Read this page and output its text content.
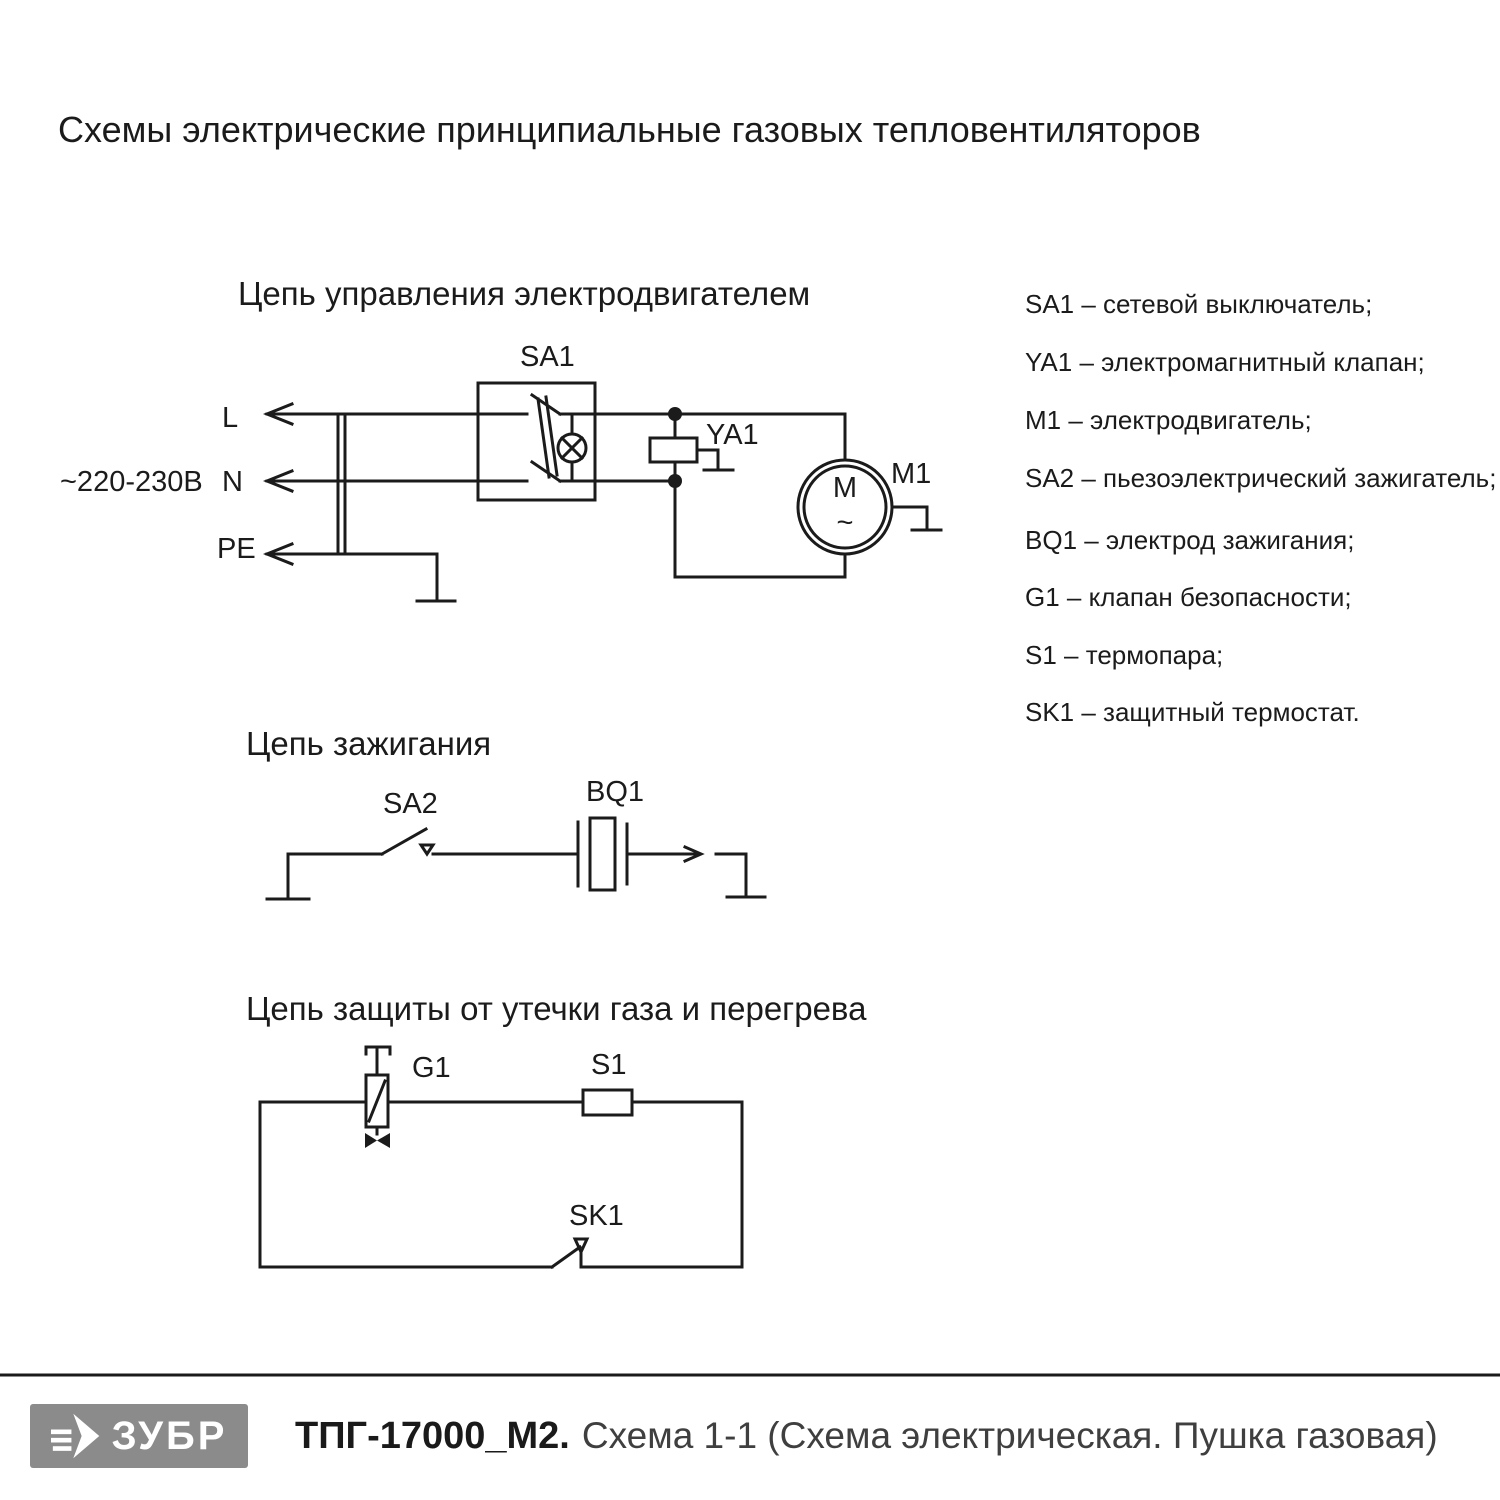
Схемы электрические принципиальные газовых тепловентиляторов
Цепь управления электродвигателем
~220-230В
L
N
PE
SA1
YA1
M
~
M1
SA1 – сетевой выключатель;
YA1 – электромагнитный клапан;
M1 – электродвигатель;
SA2 – пьезоэлектрический зажигатель;
BQ1 – электрод зажигания;
G1 – клапан безопасности;
S1 – термопара;
SK1 – защитный термостат.
Цепь зажигания
SA2	BQ1
Цепь защиты от утечки газа и перегрева
G1	S1
SK1
ЗУБР ТПГ-17000_М2. Схема 1-1 (Схема электрическая. Пушка газовая)
